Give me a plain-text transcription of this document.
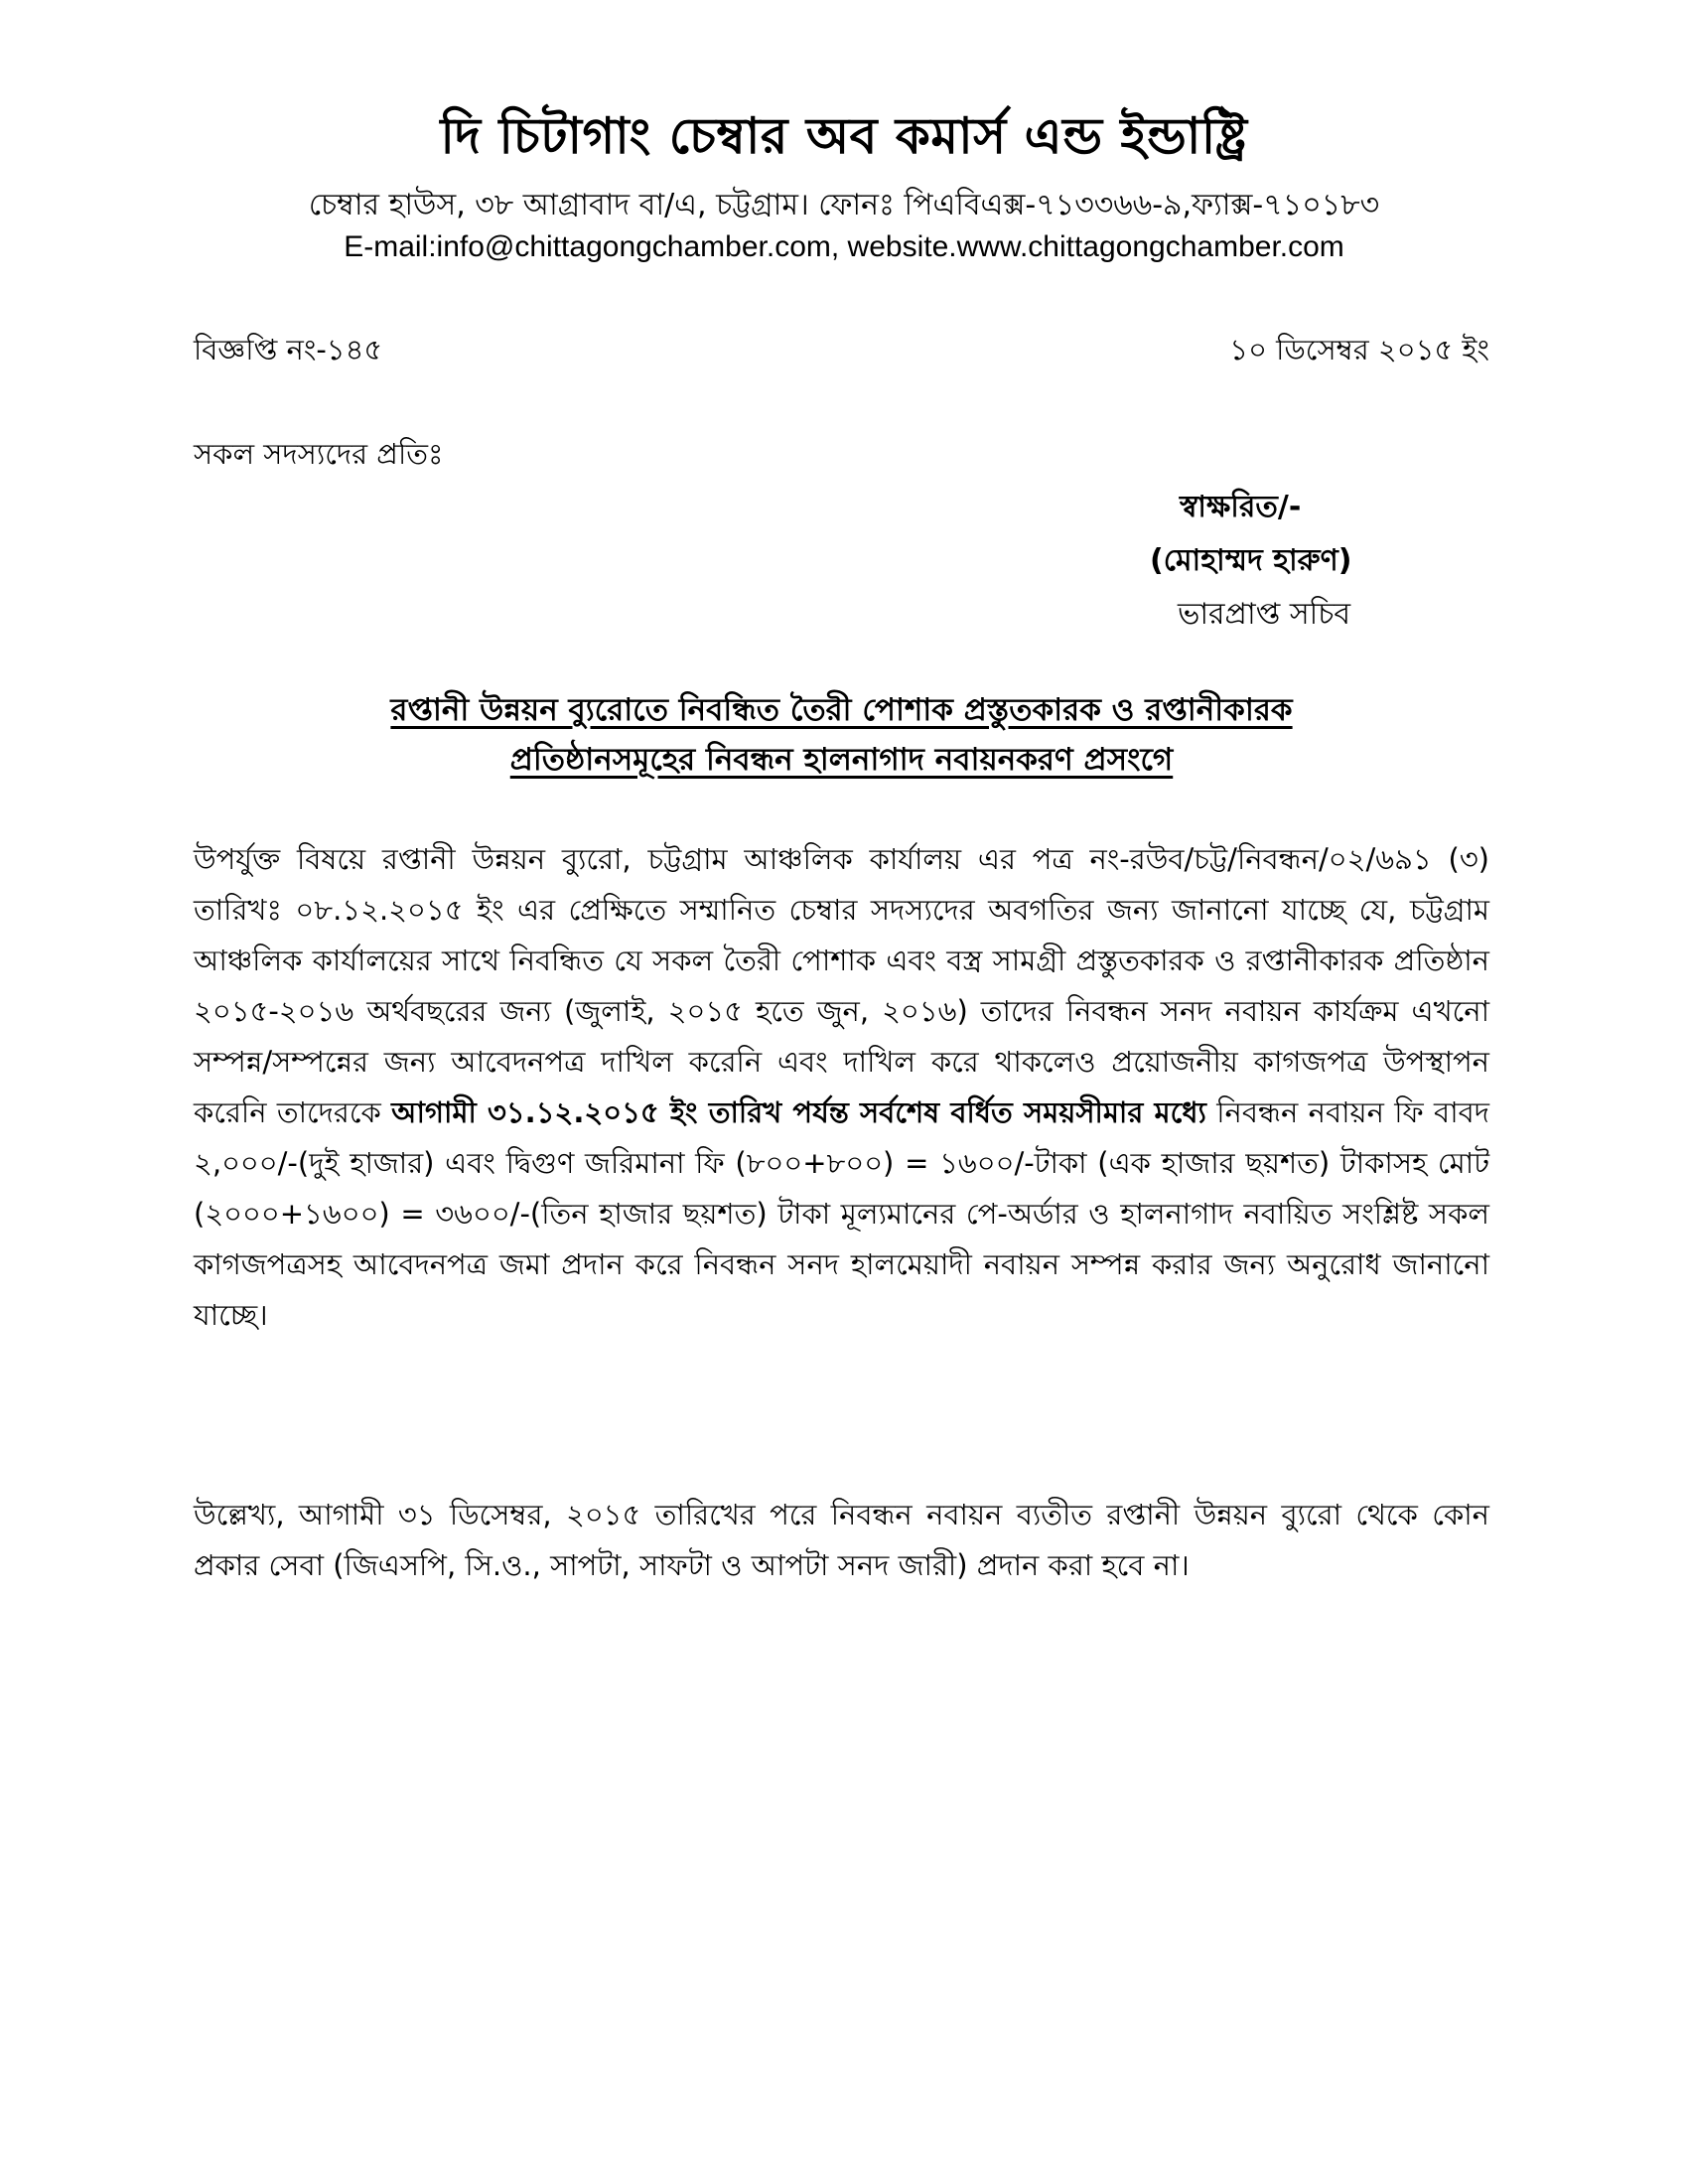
দি চিটাগাং চেম্বার অব কমার্স এন্ড ইন্ডাষ্ট্রি
চেম্বার হাউস, ৩৮ আগ্রাবাদ বা/এ, চট্টগ্রাম। ফোনঃ পিএবিএক্স-৭১৩৩৬৬-৯,ফ্যাক্স-৭১০১৮৩
E-mail:info@chittagongchamber.com, website.www.chittagongchamber.com
বিজ্ঞপ্তি নং-১৪৫	১০ ডিসেম্বর ২০১৫ ইং
সকল সদস্যদের প্রতিঃ
স্বাক্ষরিত/-
(মোহাম্মদ হারুণ)
ভারপ্রাপ্ত সচিব
রপ্তানী উন্নয়ন ব্যুরোতে নিবন্ধিত তৈরী পোশাক প্রস্তুতকারক ও রপ্তানীকারক
প্রতিষ্ঠানসমূহের নিবন্ধন হালনাগাদ নবায়নকরণ প্রসংগে
উপর্যুক্ত বিষয়ে রপ্তানী উন্নয়ন ব্যুরো, চট্টগ্রাম আঞ্চলিক কার্যালয় এর পত্র নং-রউব/চট্ট/নিবন্ধন/০২/৬৯১ (৩) তারিখঃ ০৮.১২.২০১৫ ইং এর প্রেক্ষিতে সম্মানিত চেম্বার সদস্যদের অবগতির জন্য জানানো যাচ্ছে যে, চট্টগ্রাম আঞ্চলিক কার্যালয়ের সাথে নিবন্ধিত যে সকল তৈরী পোশাক এবং বস্ত্র সামগ্রী প্রস্তুতকারক ও রপ্তানীকারক প্রতিষ্ঠান ২০১৫-২০১৬ অর্থবছরের জন্য (জুলাই, ২০১৫ হতে জুন, ২০১৬) তাদের নিবন্ধন সনদ নবায়ন কার্যক্রম এখনো সম্পন্ন/সম্পন্নের জন্য আবেদনপত্র দাখিল করেনি এবং দাখিল করে থাকলেও প্রয়োজনীয় কাগজপত্র উপস্থাপন করেনি তাদেরকে আগামী ৩১.১২.২০১৫ ইং তারিখ পর্যন্ত সর্বশেষ বর্ধিত সময়সীমার মধ্যে নিবন্ধন নবায়ন ফি বাবদ ২,০০০/-(দুই হাজার) এবং দ্বিগুণ জরিমানা ফি (৮০০+৮০০) = ১৬০০/-টাকা (এক হাজার ছয়শত) টাকাসহ মোট (২০০০+১৬০০) = ৩৬০০/-(তিন হাজার ছয়শত) টাকা মূল্যমানের পে-অর্ডার ও হালনাগাদ নবায়িত সংশ্লিষ্ট সকল কাগজপত্রসহ আবেদনপত্র জমা প্রদান করে নিবন্ধন সনদ হালমেয়াদী নবায়ন সম্পন্ন করার জন্য অনুরোধ জানানো যাচ্ছে।
উল্লেখ্য, আগামী ৩১ ডিসেম্বর, ২০১৫ তারিখের পরে নিবন্ধন নবায়ন ব্যতীত রপ্তানী উন্নয়ন ব্যুরো থেকে কোন প্রকার সেবা (জিএসপি, সি.ও., সাপটা, সাফটা ও আপটা সনদ জারী) প্রদান করা হবে না।
